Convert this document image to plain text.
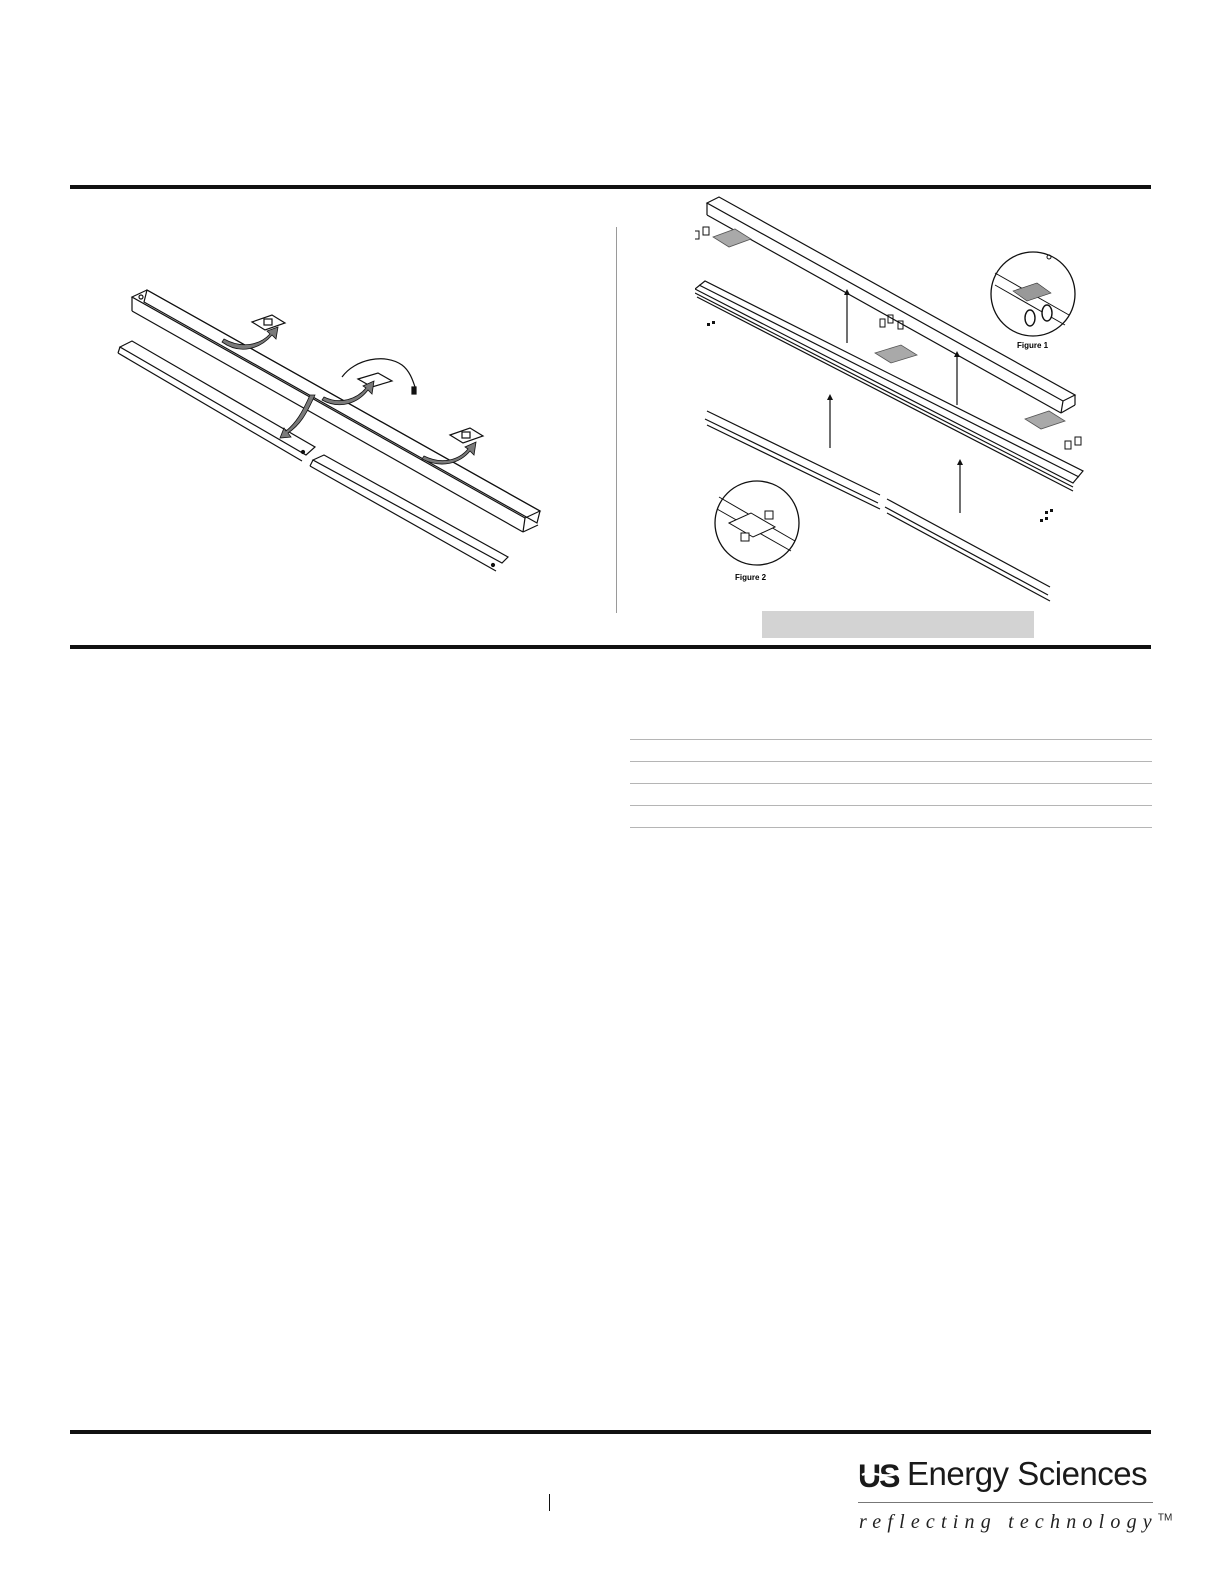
Figure 1
Figure 2
US Energy Sciences
reflecting technology™
